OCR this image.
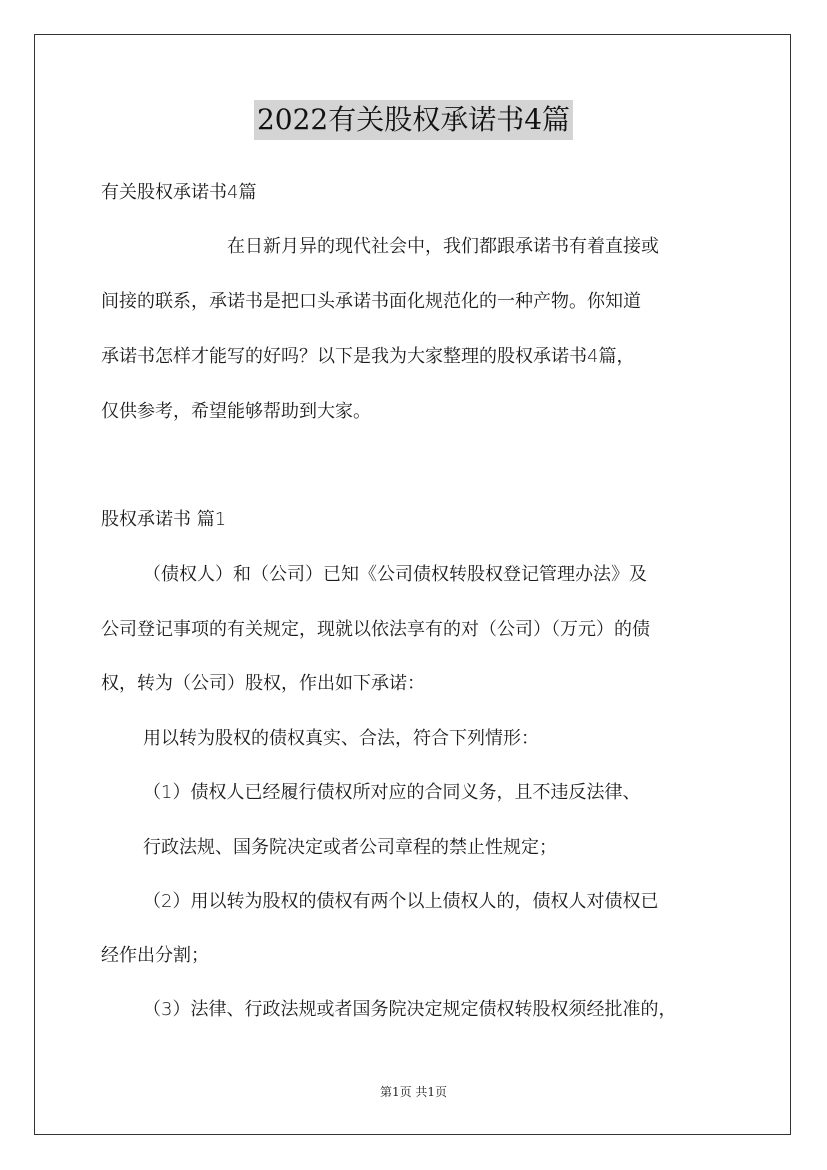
2022有关股权承诺书4篇
有关股权承诺书4篇
在日新月异的现代社会中，我们都跟承诺书有着直接或
间接的联系，承诺书是把口头承诺书面化规范化的一种产物。你知道
承诺书怎样才能写的好吗？以下是我为大家整理的股权承诺书4篇，
仅供参考，希望能够帮助到大家。
股权承诺书 篇1
（债权人）和（公司）已知《公司债权转股权登记管理办法》及
公司登记事项的有关规定，现就以依法享有的对（公司）（万元）的债
权，转为（公司）股权，作出如下承诺：
用以转为股权的债权真实、合法，符合下列情形：
（1）债权人已经履行债权所对应的合同义务，且不违反法律、
行政法规、国务院决定或者公司章程的禁止性规定；
（2）用以转为股权的债权有两个以上债权人的，债权人对债权已
经作出分割；
（3）法律、行政法规或者国务院决定规定债权转股权须经批准的，
第1页 共1页
